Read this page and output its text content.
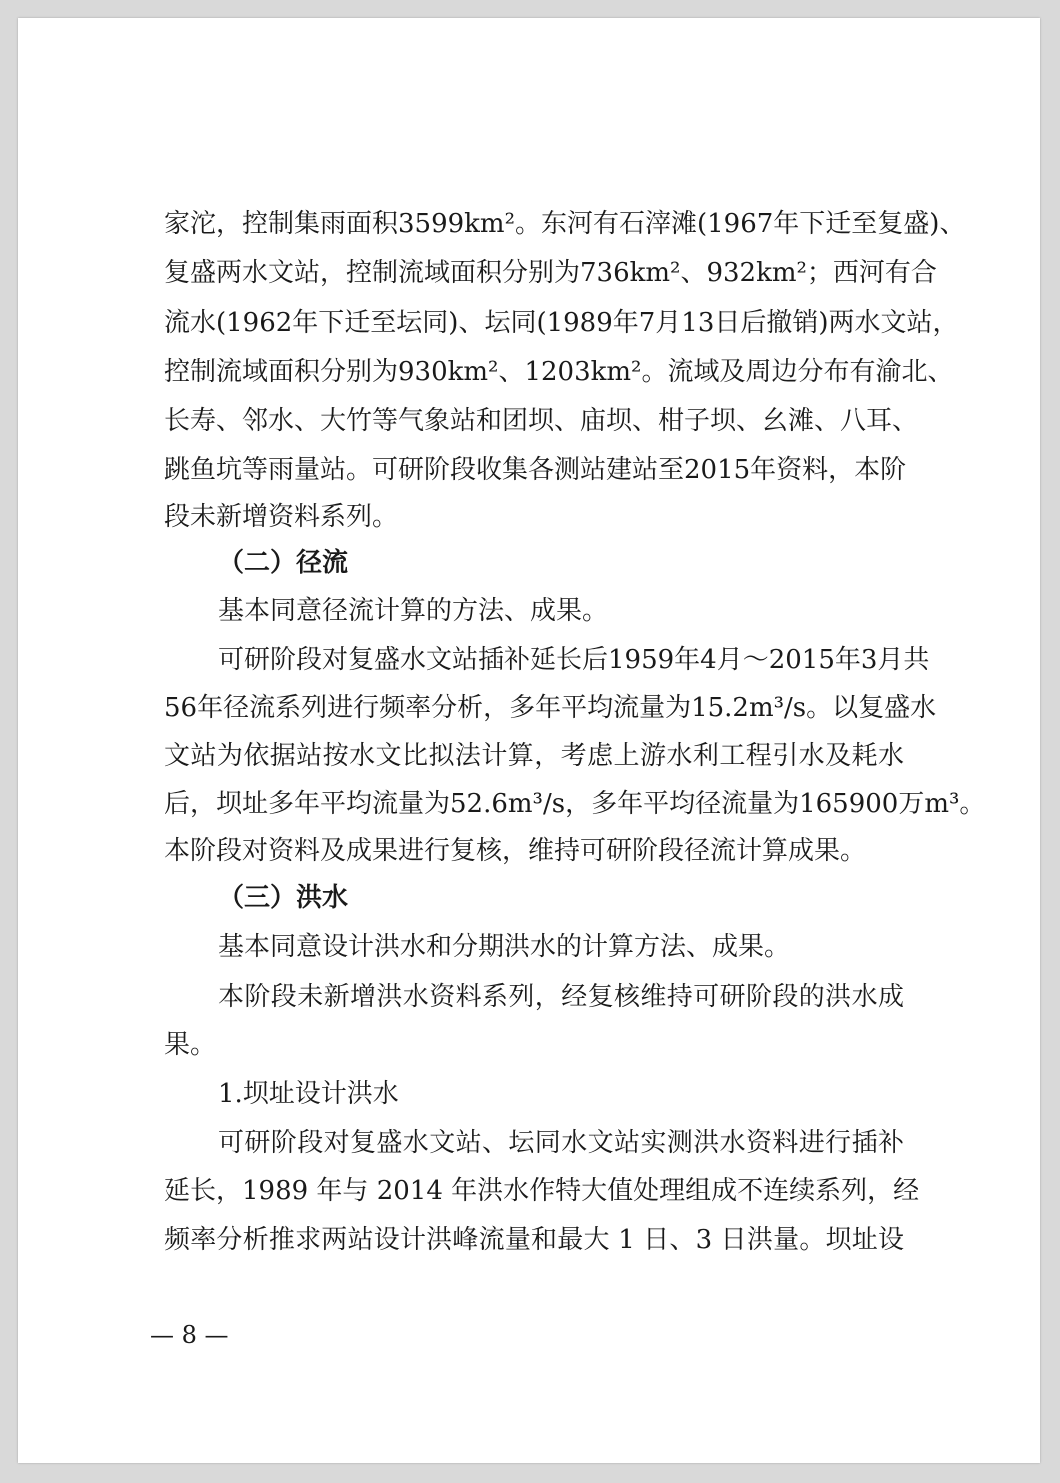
家沱，控制集雨面积3599km²。东河有石滓滩(1967年下迁至复盛)、
复盛两水文站，控制流域面积分别为736km²、932km²；西河有合
流水(1962年下迁至坛同)、坛同(1989年7月13日后撤销)两水文站，
控制流域面积分别为930km²、1203km²。流域及周边分布有渝北、
长寿、邻水、大竹等气象站和团坝、庙坝、柑子坝、幺滩、八耳、
跳鱼坑等雨量站。可研阶段收集各测站建站至2015年资料，本阶
段未新增资料系列。
（二）径流
基本同意径流计算的方法、成果。
可研阶段对复盛水文站插补延长后1959年4月～2015年3月共
56年径流系列进行频率分析，多年平均流量为15.2m³/s。以复盛水
文站为依据站按水文比拟法计算，考虑上游水利工程引水及耗水
后，坝址多年平均流量为52.6m³/s，多年平均径流量为165900万m³。
本阶段对资料及成果进行复核，维持可研阶段径流计算成果。
（三）洪水
基本同意设计洪水和分期洪水的计算方法、成果。
本阶段未新增洪水资料系列，经复核维持可研阶段的洪水成
果。
1.坝址设计洪水
可研阶段对复盛水文站、坛同水文站实测洪水资料进行插补
延长，1989 年与 2014 年洪水作特大值处理组成不连续系列，经
频率分析推求两站设计洪峰流量和最大 1 日、3 日洪量。坝址设
— 8 —
